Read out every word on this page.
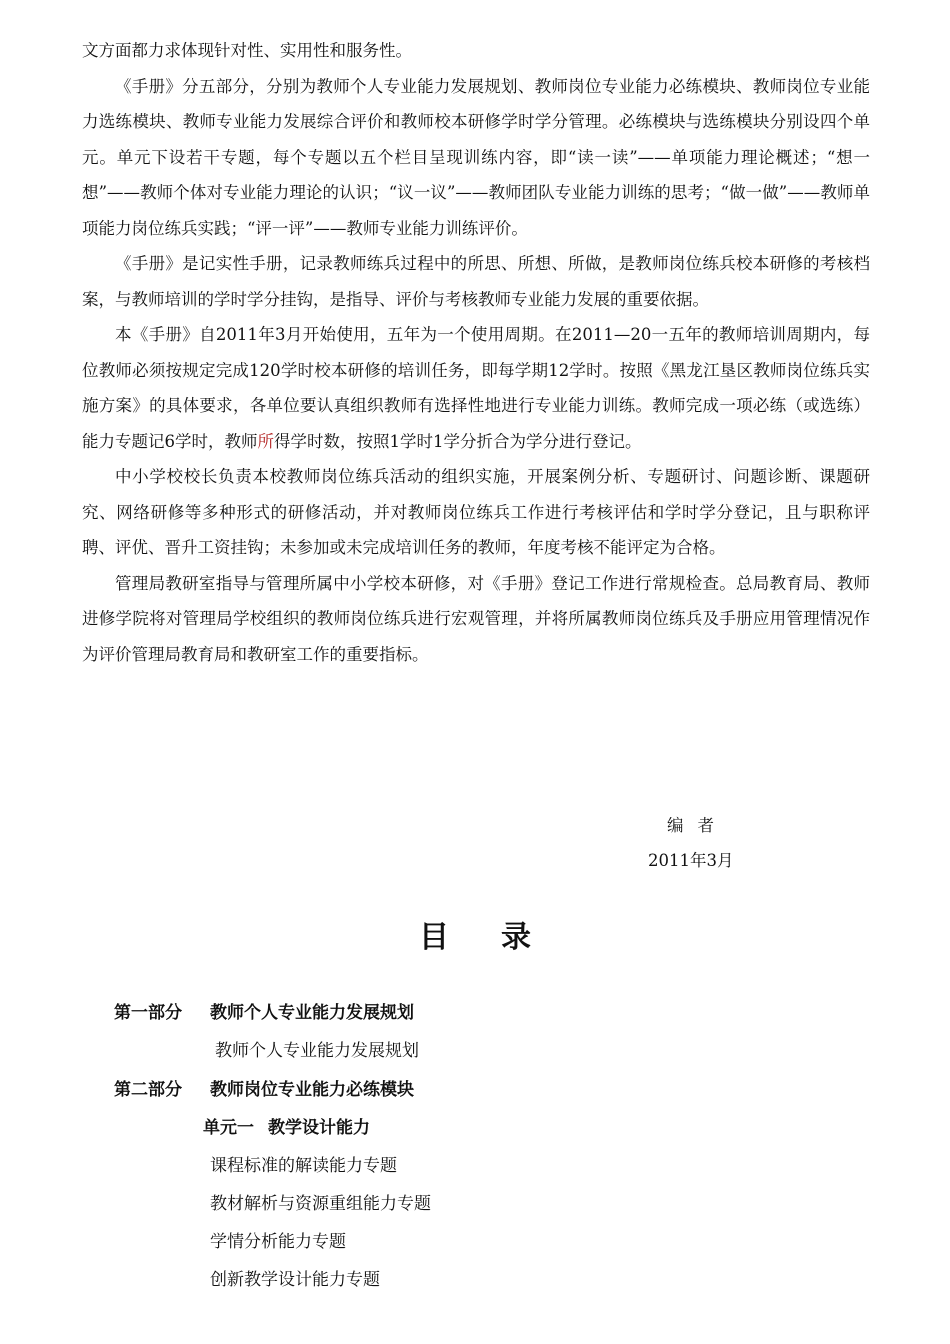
文方面都力求体现针对性、实用性和服务性。

《手册》分五部分，分别为教师个人专业能力发展规划、教师岗位专业能力必练模块、教师岗位专业能力选练模块、教师专业能力发展综合评价和教师校本研修学时学分管理。必练模块与选练模块分别设四个单元。单元下设若干专题，每个专题以五个栏目呈现训练内容，即“读一读”——单项能力理论概述；“想一想”——教师个体对专业能力理论的认识；“议一议”——教师团队专业能力训练的思考；“做一做”——教师单项能力岗位练兵实践；“评一评”——教师专业能力训练评价。

《手册》是记实性手册，记录教师练兵过程中的所思、所想、所做，是教师岗位练兵校本研修的考核档案，与教师培训的学时学分挂钩，是指导、评价与考核教师专业能力发展的重要依据。

本《手册》自2011年3月开始使用，五年为一个使用周期。在2011—20一五年的教师培训周期内，每位教师必须按规定完成120学时校本研修的培训任务，即每学期12学时。按照《黑龙江垦区教师岗位练兵实施方案》的具体要求，各单位要认真组织教师有选择性地进行专业能力训练。教师完成一项必练（或选练）能力专题记6学时，教师所得学时数，按照1学时1学分折合为学分进行登记。

中小学校校长负责本校教师岗位练兵活动的组织实施，开展案例分析、专题研讨、问题诊断、课题研究、网络研修等多种形式的研修活动，并对教师岗位练兵工作进行考核评估和学时学分登记，且与职称评聘、评优、晋升工资挂钩；未参加或未完成培训任务的教师，年度考核不能评定为合格。

管理局教研室指导与管理所属中小学校本研修，对《手册》登记工作进行常规检查。总局教育局、教师进修学院将对管理局学校组织的教师岗位练兵进行宏观管理，并将所属教师岗位练兵及手册应用管理情况作为评价管理局教育局和教研室工作的重要指标。

编者
2011年3月
目录
第一部分 教师个人专业能力发展规划
教师个人专业能力发展规划
第二部分 教师岗位专业能力必练模块
单元一 教学设计能力
课程标准的解读能力专题
教材解析与资源重组能力专题
学情分析能力专题
创新教学设计能力专题
